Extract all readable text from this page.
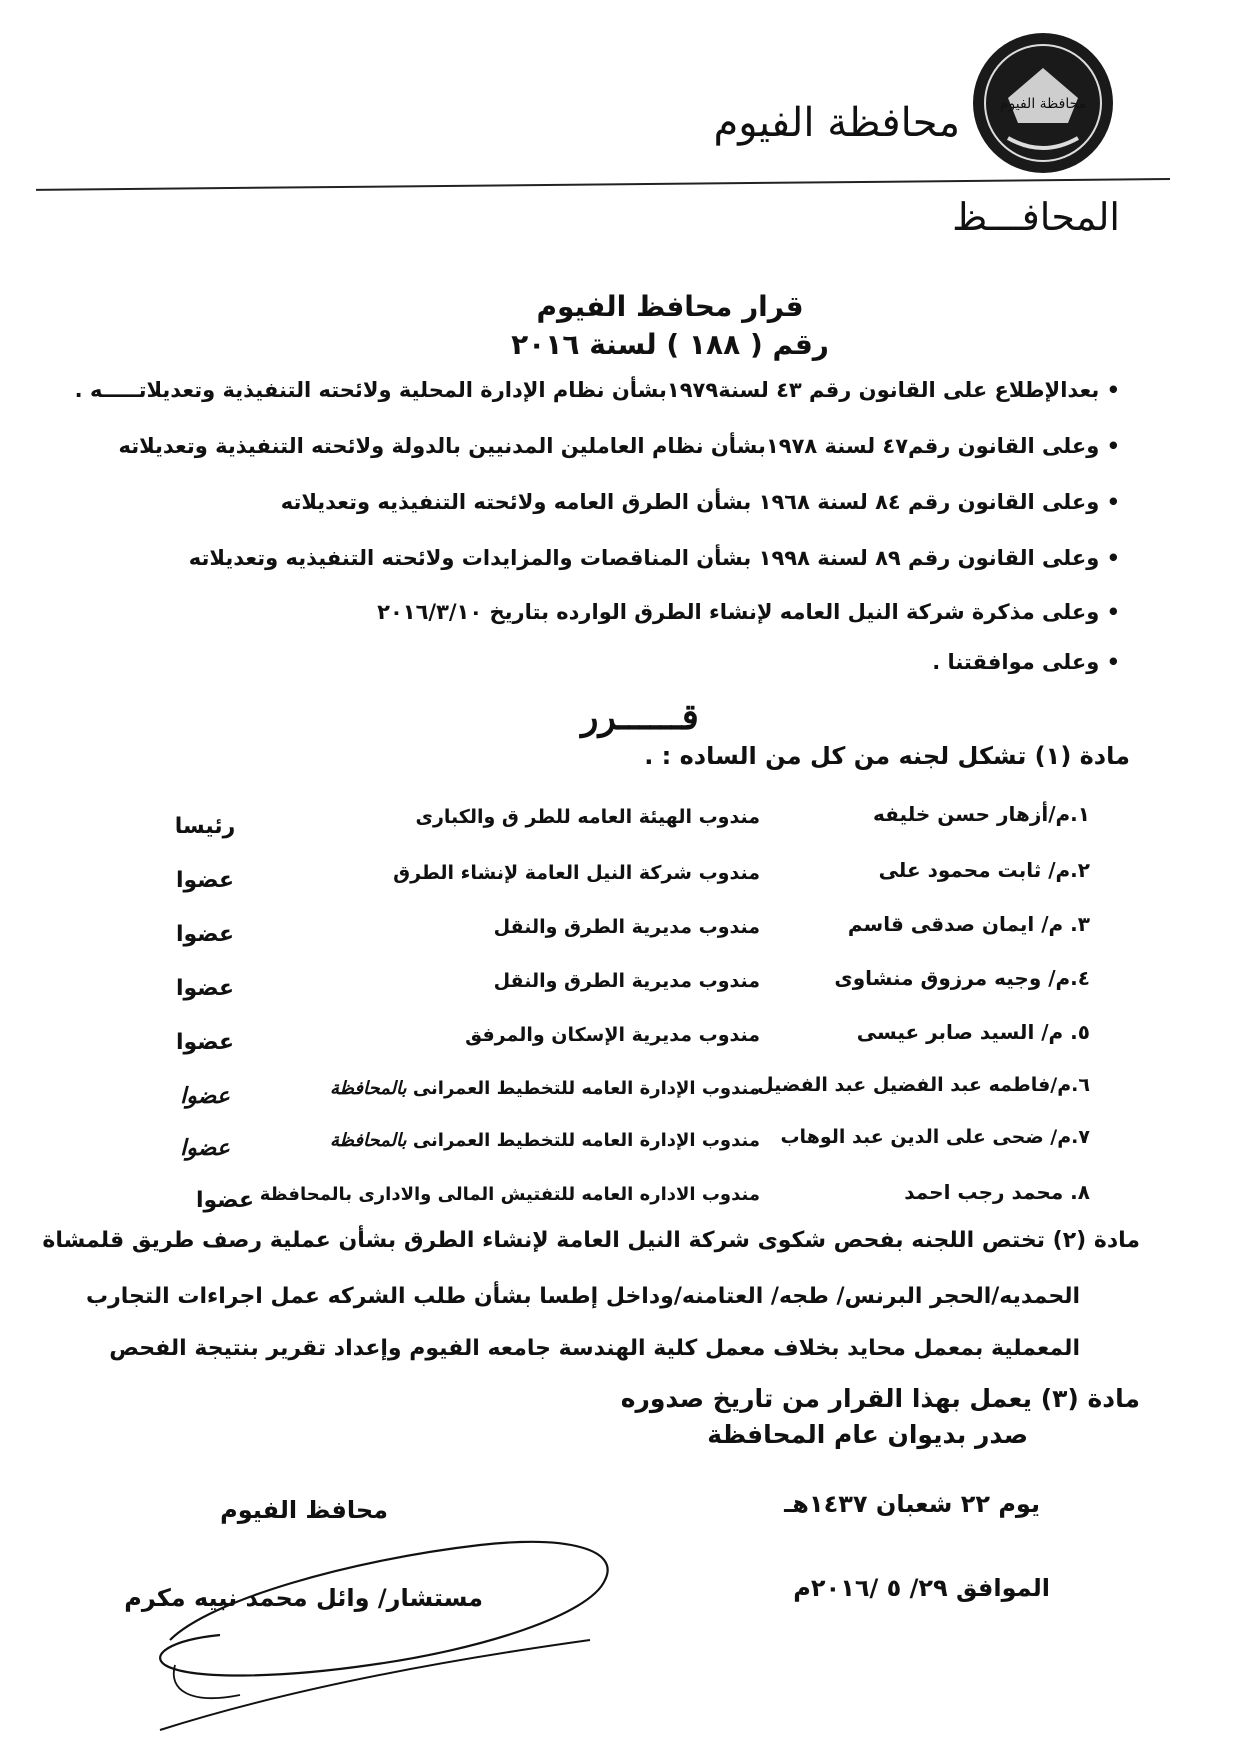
محافظة الفيوم
محافظة الفيوم
المحافـــظ
قرار محافظ الفيوم
رقم ( ١٨٨ ) لسنة ٢٠١٦
• بعدالإطلاع على القانون رقم ٤٣ لسنة١٩٧٩بشأن نظام الإدارة المحلية ولائحته التنفيذية وتعديلاتـــــه .
• وعلى القانون رقم٤٧ لسنة ١٩٧٨بشأن نظام العاملين المدنيين بالدولة ولائحته التنفيذية وتعديلاته
• وعلى القانون رقم ٨٤ لسنة ١٩٦٨ بشأن الطرق العامه ولائحته التنفيذيه وتعديلاته
• وعلى القانون رقم ٨٩ لسنة ١٩٩٨ بشأن المناقصات والمزايدات ولائحته التنفيذيه وتعديلاته
• وعلى مذكرة شركة النيل العامه لإنشاء الطرق الوارده بتاريخ ٢٠١٦/٣/١٠
• وعلى موافقتنا .
قــــــرر
مادة (١) تشكل لجنه من كل من الساده : .
١.م/أزهار حسن خليفه
مندوب الهيئة العامه للطر ق والكبارى
رئيسا
٢.م/ ثابت محمود على
مندوب شركة النيل العامة لإنشاء الطرق
عضوا
٣. م/ ايمان صدقى قاسم
مندوب مديرية الطرق والنقل
عضوا
٤.م/ وجيه مرزوق منشاوى
مندوب مديرية الطرق والنقل
عضوا
٥. م/ السيد صابر عيسى
مندوب مديرية الإسكان والمرفق
عضوا
٦.م/فاطمه عبد الفضيل عبد الفضيل
مندوب الإدارة العامه للتخطيط العمرانى بالمحافظة
عضوا
٧.م/ ضحى على الدين عبد الوهاب
مندوب الإدارة العامه للتخطيط العمرانى بالمحافظة
عضوا
٨. محمد رجب احمد
مندوب الاداره العامه للتفتيش المالى والادارى بالمحافظة
عضوا
مادة (٢) تختص اللجنه بفحص شكوى شركة النيل العامة لإنشاء الطرق بشأن عملية رصف طريق قلمشاة
الحمديه/الحجر البرنس/ طجه/ العتامنه/وداخل إطسا بشأن طلب الشركه عمل اجراءات التجارب
المعملية بمعمل محايد بخلاف معمل كلية الهندسة جامعه الفيوم وإعداد تقرير بنتيجة الفحص
مادة (٣) يعمل بهذا القرار من تاريخ صدوره
صدر بديوان عام المحافظة
يوم ٢٢ شعبان ١٤٣٧هـ
الموافق ٢٩/ ٥ /٢٠١٦م
محافظ الفيوم
مستشار/ وائل محمد نبيه مكرم
